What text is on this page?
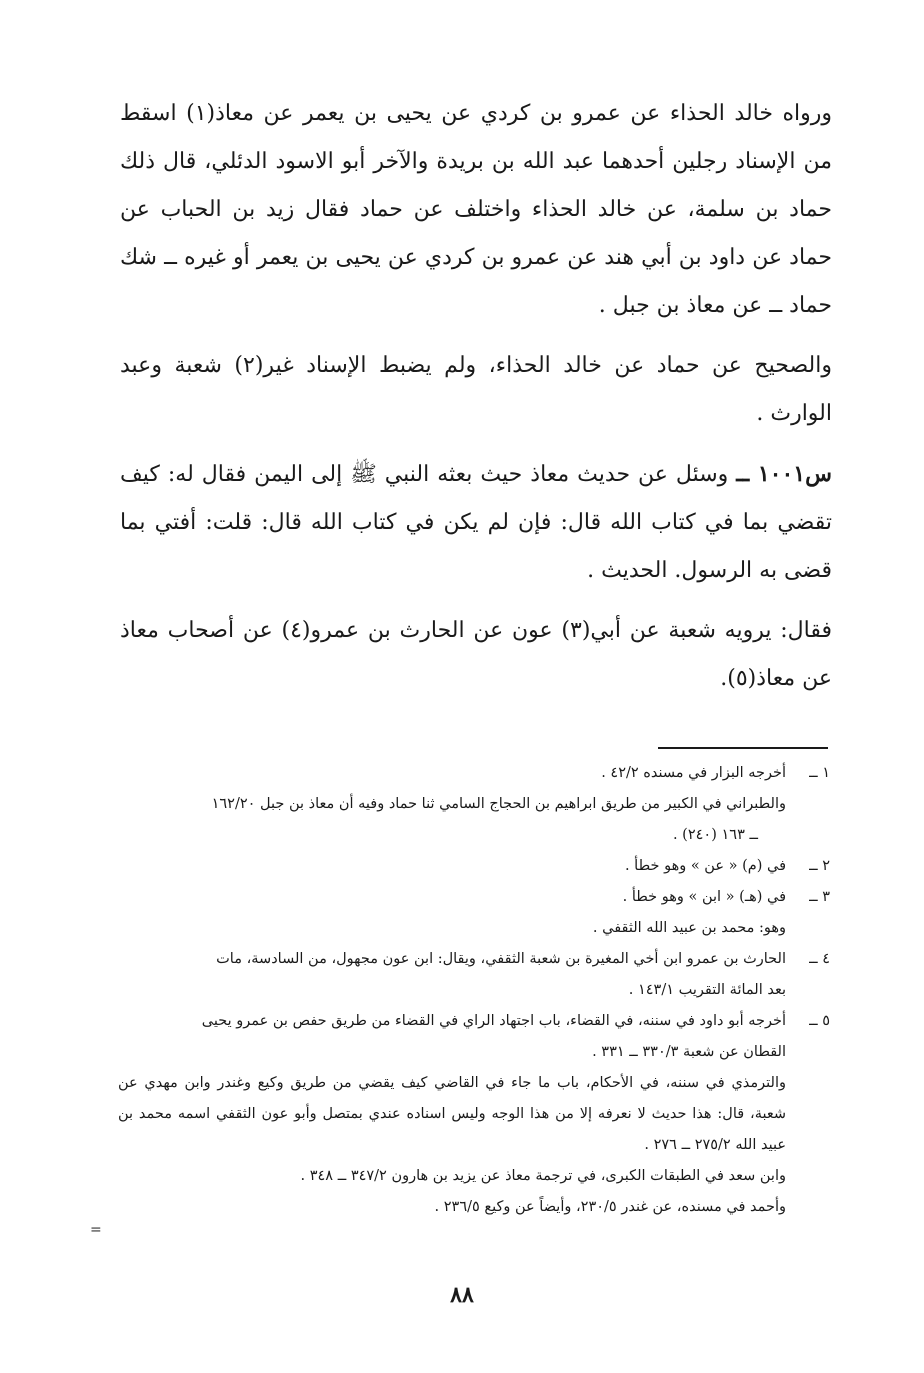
ورواه خالد الحذاء عن عمرو بن كردي عن يحيى بن يعمر عن معاذ(١) اسقط من الإسناد رجلين أحدهما عبد الله بن بريدة والآخر أبو الاسود الدئلي، قال ذلك حماد بن سلمة، عن خالد الحذاء واختلف عن حماد فقال زيد بن الحباب عن حماد عن داود بن أبي هند عن عمرو بن كردي عن يحيى بن يعمر أو غيره ــ شك حماد ــ عن معاذ بن جبل .

والصحيح عن حماد عن خالد الحذاء، ولم يضبط الإسناد غير(٢) شعبة وعبد الوارث .

س١٠٠١ ــ وسئل عن حديث معاذ حيث بعثه النبي ﷺ إلى اليمن فقال له: كيف تقضي بما في كتاب الله قال: فإن لم يكن في كتاب الله قال: قلت: أفتي بما قضى به الرسول. الحديث .

فقال: يرويه شعبة عن أبي(٣) عون عن الحارث بن عمرو(٤) عن أصحاب معاذ عن معاذ(٥).

١ ــ
أخرجه البزار في مسنده ٤٢/٢ .
والطبراني في الكبير من طريق ابراهيم بن الحجاج السامي ثنا حماد وفيه أن معاذ بن جبل ١٦٢/٢٠
ــ ١٦٣ (٢٤٠) .
٢ ــ
في (م) « عن » وهو خطأ .
٣ ــ
في (هـ) « ابن » وهو خطأ .
وهو: محمد بن عبيد الله الثقفي .
٤ ــ
الحارث بن عمرو ابن أخي المغيرة بن شعبة الثقفي، ويقال: ابن عون مجهول، من السادسة، مات
بعد المائة التقريب ١٤٣/١ .
٥ ــ
أخرجه أبو داود في سننه، في القضاء، باب اجتهاد الراي في القضاء من طريق حفص بن عمرو يحيى
القطان عن شعبة ٣٣٠/٣ ــ ٣٣١ .
والترمذي في سننه، في الأحكام، باب ما جاء في القاضي كيف يقضي من طريق وكيع وغندر وابن مهدي عن شعبة، قال: هذا حديث لا نعرفه إلا من هذا الوجه وليس اسناده عندي بمتصل وأبو عون الثقفي اسمه محمد بن عبيد الله ٢٧٥/٢ ــ ٢٧٦ .
وابن سعد في الطبقات الكبرى، في ترجمة معاذ عن يزيد بن هارون ٣٤٧/٢ ــ ٣٤٨ .
وأحمد في مسنده، عن غندر ٢٣٠/٥، وأيضاً عن وكيع ٢٣٦/٥ .
=
٨٨
